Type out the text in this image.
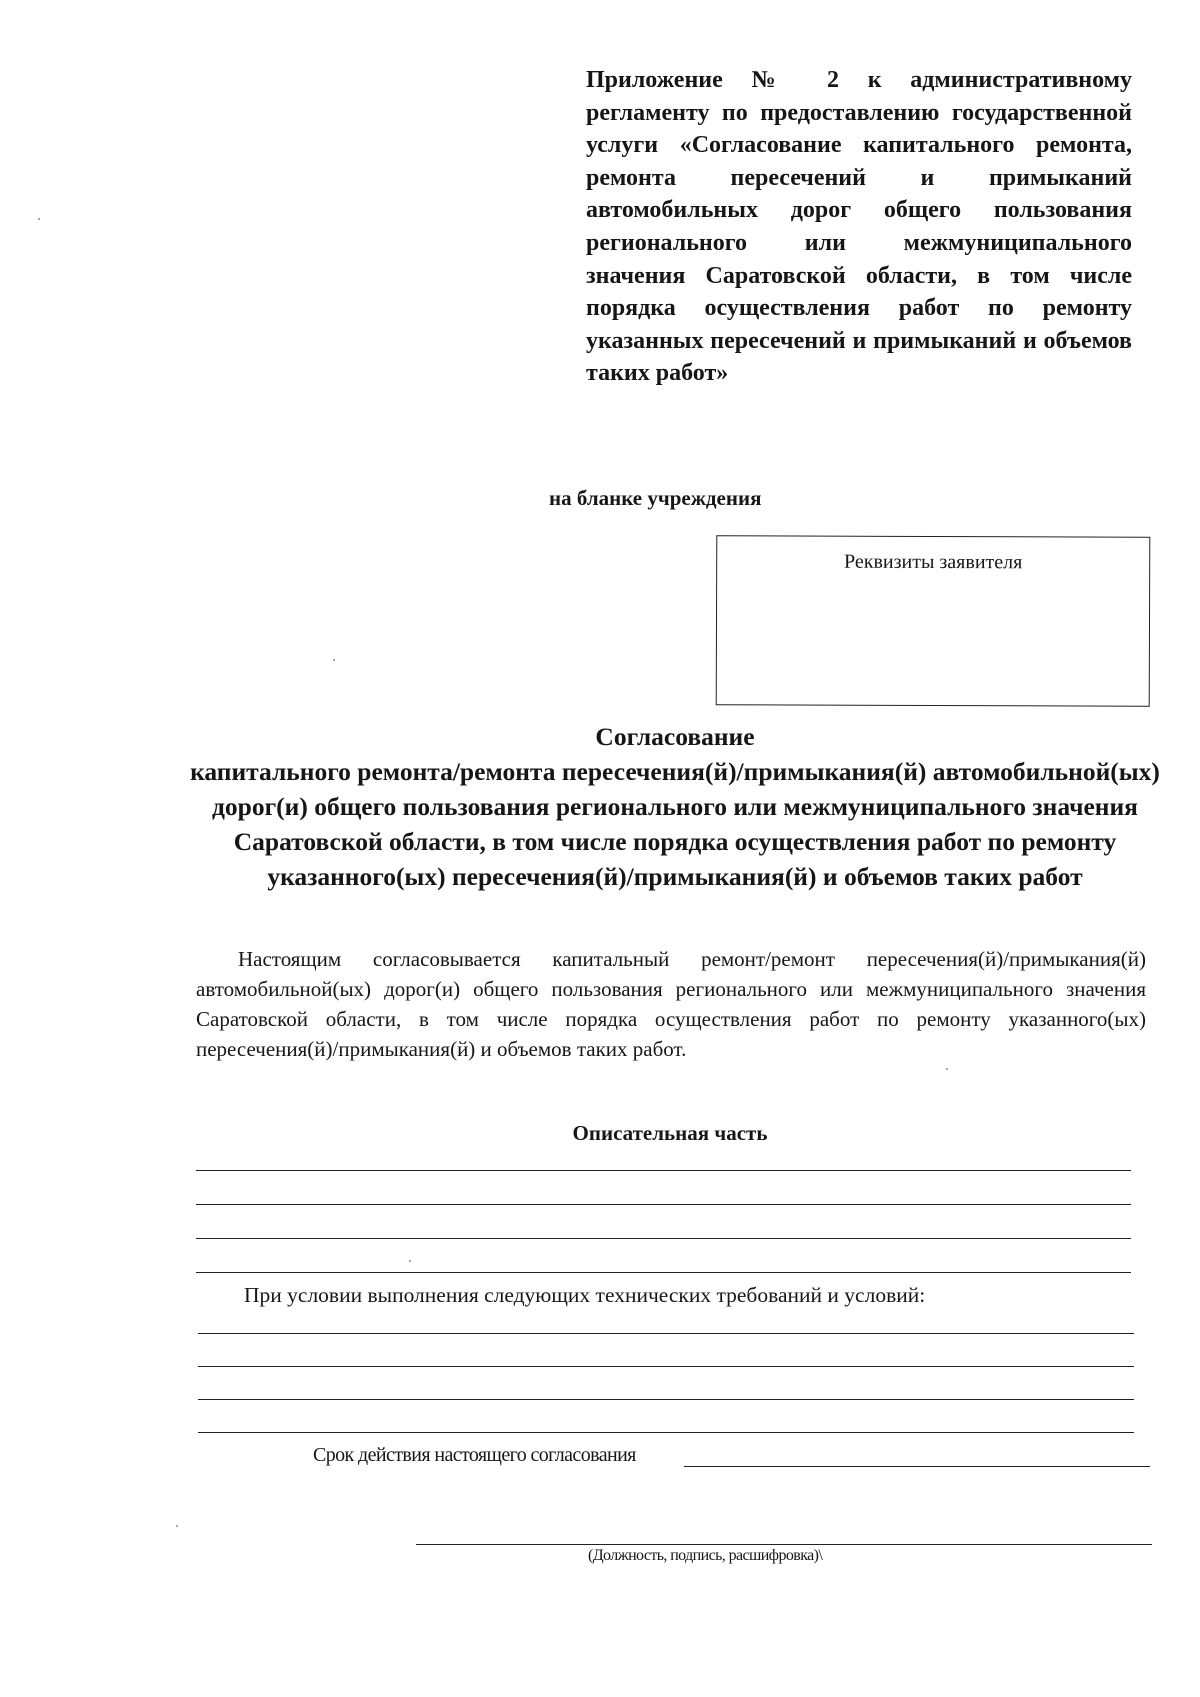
Приложение № 2 к административному регламенту по предоставлению государственной услуги «Согласование капитального ремонта, ремонта пересечений и примыканий автомобильных дорог общего пользования регионального или межмуниципального значения Саратовской области, в том числе порядка осуществления работ по ремонту указанных пересечений и примыканий и объемов таких работ»
на бланке учреждения
Реквизиты заявителя
Согласование
капитального ремонта/ремонта пересечения(й)/примыкания(й) автомобильной(ых) дорог(и) общего пользования регионального или межмуниципального значения Саратовской области, в том числе порядка осуществления работ по ремонту указанного(ых) пересечения(й)/примыкания(й) и объемов таких работ
Настоящим согласовывается капитальный ремонт/ремонт пересечения(й)/примыкания(й) автомобильной(ых) дорог(и) общего пользования регионального или межмуниципального значения Саратовской области, в том числе порядка осуществления работ по ремонту указанного(ых) пересечения(й)/примыкания(й) и объемов таких работ.
Описательная часть
При условии выполнения следующих технических требований и условий:
Срок действия настоящего согласования
(Должность, подпись, расшифровка)\
